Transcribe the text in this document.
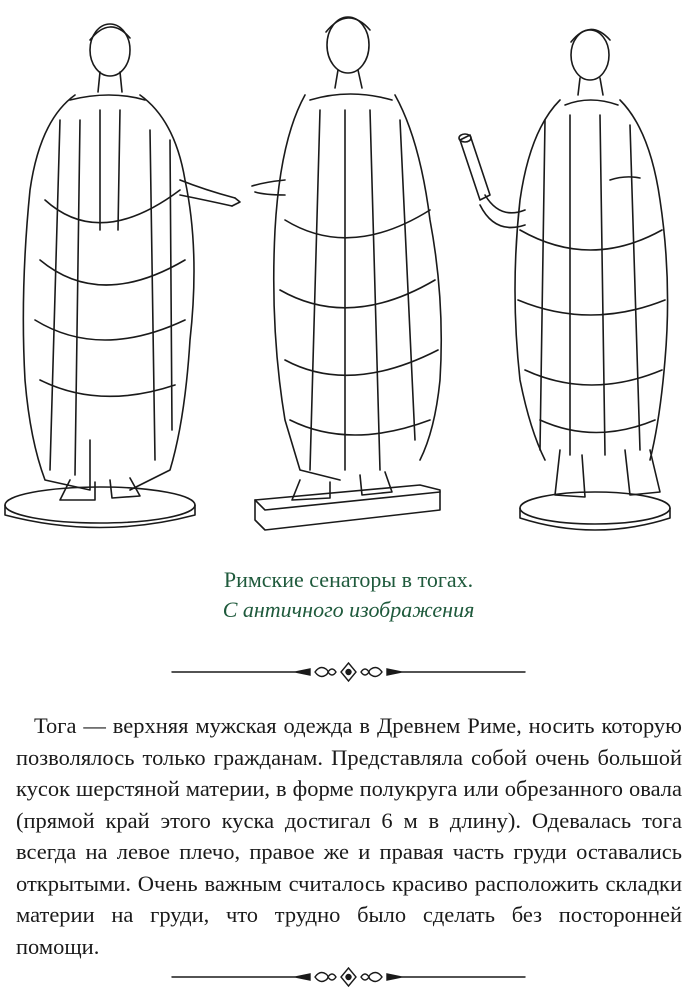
Римские сенаторы в тогах.
С античного изображения

Тога — верхняя мужская одежда в Древнем Риме, носить которую позволялось только гражданам. Представляла собой очень большой кусок шерстяной материи, в форме полукруга или обрезанного овала (прямой край этого куска достигал 6 м в длину). Одевалась тога всегда на левое плечо, правое же и правая часть груди оставались открытыми. Очень важным считалось красиво расположить складки материи на груди, что трудно было сделать без посторонней помощи.
